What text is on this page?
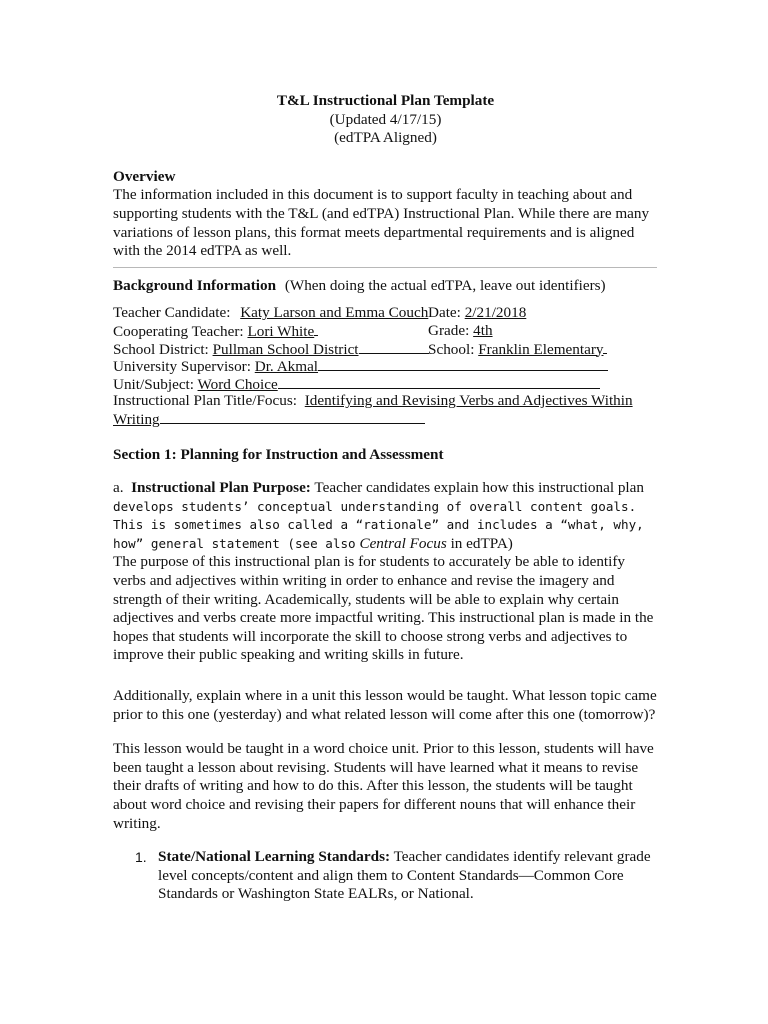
T&L Instructional Plan Template
(Updated 4/17/15)
(edTPA Aligned)
Overview

The information included in this document is to support faculty in teaching about and supporting students with the T&L (and edTPA) Instructional Plan. While there are many variations of lesson plans, this format meets departmental requirements and is aligned with the 2014 edTPA as well.

Background Information (When doing the actual edTPA, leave out identifiers)
Teacher Candidate: Katy Larson and Emma Couch Date: 2/21/2018
Cooperating Teacher: Lori White	Grade: 4th
School District: Pullman School District	School: Franklin Elementary
University Supervisor: Dr. Akmal
Unit/Subject: Word Choice
Instructional Plan Title/Focus: Identifying and Revising Verbs and Adjectives Within
Writing
Section 1: Planning for Instruction and Assessment

a. Instructional Plan Purpose: Teacher candidates explain how this instructional plan develops students’ conceptual understanding of overall content goals. This is sometimes also called a “rationale” and includes a “what, why, how” general statement (see also Central Focus in edTPA)

The purpose of this instructional plan is for students to accurately be able to identify verbs and adjectives within writing in order to enhance and revise the imagery and strength of their writing. Academically, students will be able to explain why certain adjectives and verbs create more impactful writing. This instructional plan is made in the hopes that students will incorporate the skill to choose strong verbs and adjectives to improve their public speaking and writing skills in future.

Additionally, explain where in a unit this lesson would be taught. What lesson topic came prior to this one (yesterday) and what related lesson will come after this one (tomorrow)?

This lesson would be taught in a word choice unit. Prior to this lesson, students will have been taught a lesson about revising. Students will have learned what it means to revise their drafts of writing and how to do this. After this lesson, the students will be taught about word choice and revising their papers for different nouns that will enhance their writing.

1. State/National Learning Standards: Teacher candidates identify relevant grade level concepts/content and align them to Content Standards—Common Core Standards or Washington State EALRs, or National.
